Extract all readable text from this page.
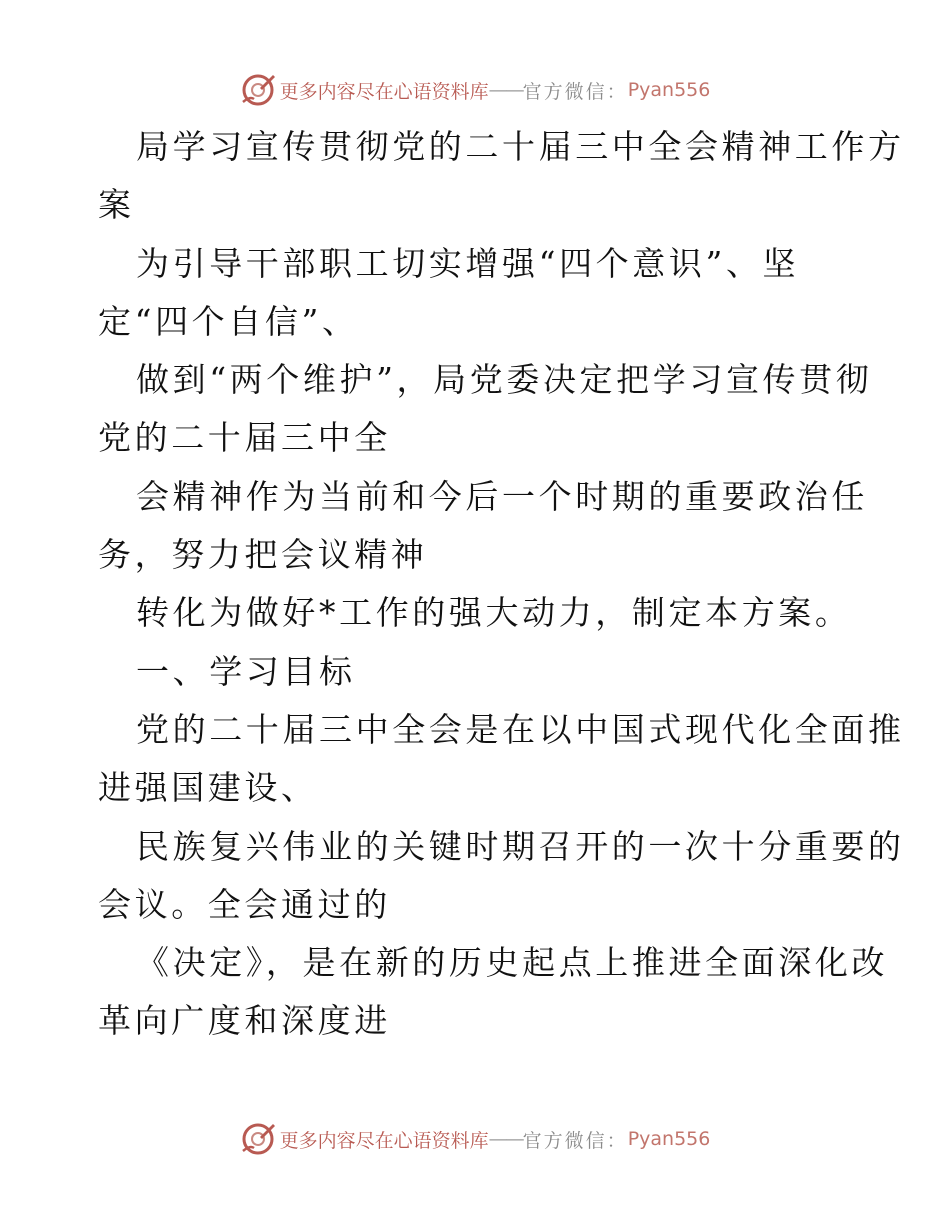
更多内容尽在心语资料库 —— 官方微信 ： Pyan556
局学习宣传贯彻党的二十届三中全会精神工作方
案
为引导干部职工切实增强“四个意识”、坚
定“四个自信”、
做到“两个维护”，局党委决定把学习宣传贯彻
党的二十届三中全
会精神作为当前和今后一个时期的重要政治任
务，努力把会议精神
转化为做好*工作的强大动力，制定本方案。
一、学习目标
党的二十届三中全会是在以中国式现代化全面推
进强国建设、
民族复兴伟业的关键时期召开的一次十分重要的
会议。全会通过的
《决定》，是在新的历史起点上推进全面深化改
革向广度和深度进
更多内容尽在心语资料库 —— 官方微信 ： Pyan556
